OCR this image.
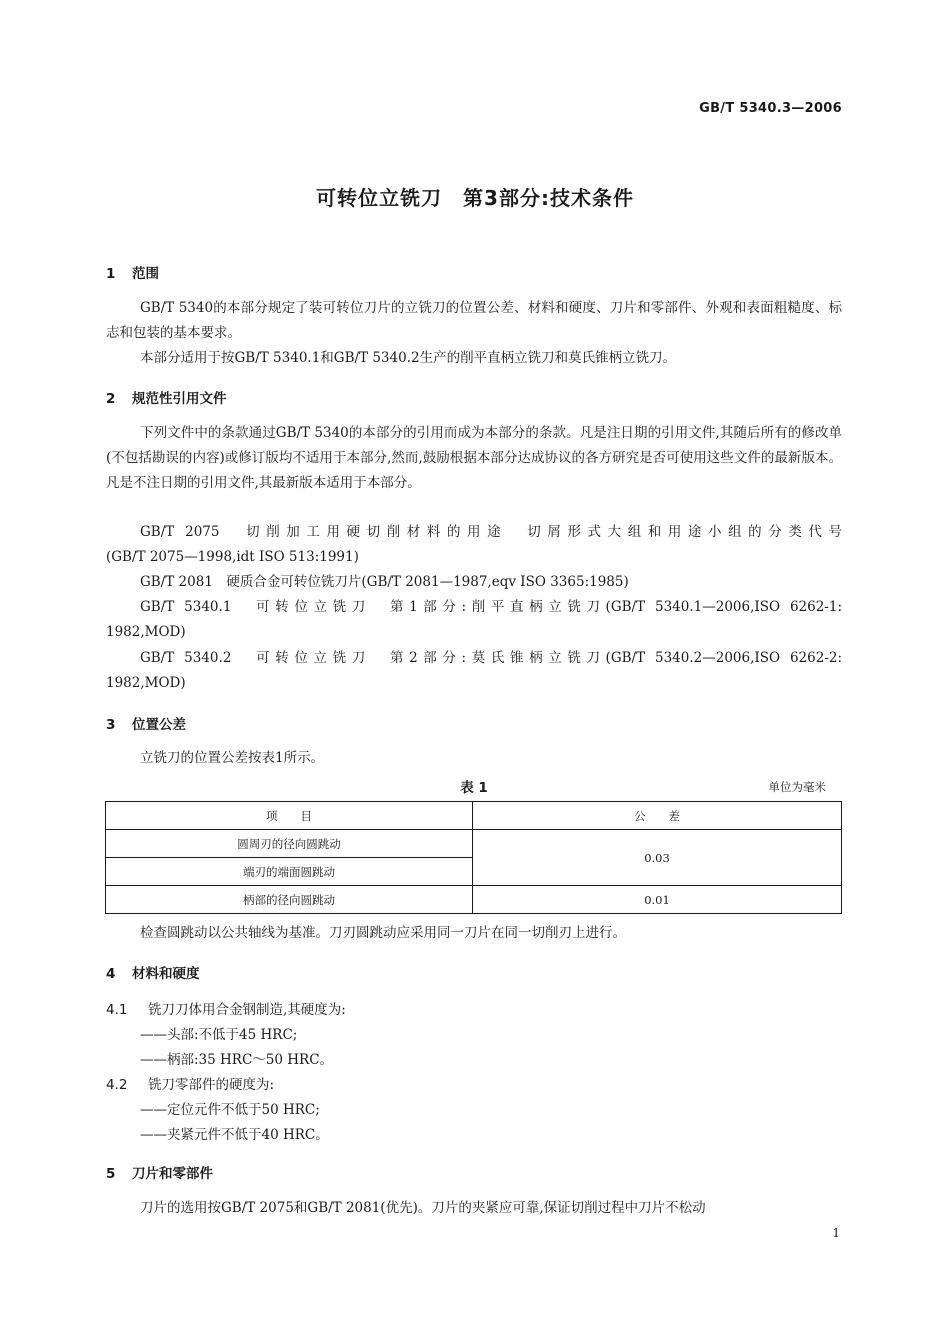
GB/T 5340.3—2006
可转位立铣刀　第3部分:技术条件
1 范围
GB/T 5340的本部分规定了装可转位刀片的立铣刀的位置公差、材料和硬度、刀片和零部件、外观和表面粗糙度、标志和包装的基本要求。
本部分适用于按GB/T 5340.1和GB/T 5340.2生产的削平直柄立铣刀和莫氏锥柄立铣刀。
2 规范性引用文件
下列文件中的条款通过GB/T 5340的本部分的引用而成为本部分的条款。凡是注日期的引用文件,其随后所有的修改单(不包括勘误的内容)或修订版均不适用于本部分,然而,鼓励根据本部分达成协议的各方研究是否可使用这些文件的最新版本。凡是不注日期的引用文件,其最新版本适用于本部分。
GB/T 2075　切削加工用硬切削材料的用途　切屑形式大组和用途小组的分类代号
(GB/T 2075—1998,idt ISO 513:1991)
GB/T 2081　硬质合金可转位铣刀片(GB/T 2081—1987,eqv ISO 3365:1985)
GB/T 5340.1　可转位立铣刀　第1部分:削平直柄立铣刀(GB/T 5340.1—2006,ISO 6262-1:
1982,MOD)
GB/T 5340.2　可转位立铣刀　第2部分:莫氏锥柄立铣刀(GB/T 5340.2—2006,ISO 6262-2:
1982,MOD)
3 位置公差
立铣刀的位置公差按表1所示。
表 1	单位为毫米
项　　目	公　　差
圆周刃的径向圆跳动	0.03
端刃的端面圆跳动	
柄部的径向圆跳动	0.01
检查圆跳动以公共轴线为基准。刀刃圆跳动应采用同一刀片在同一切削刃上进行。
4 材料和硬度
4.1 铣刀刀体用合金钢制造,其硬度为:
——头部:不低于45 HRC;
——柄部:35 HRC～50 HRC。
4.2 铣刀零部件的硬度为:
——定位元件不低于50 HRC;
——夹紧元件不低于40 HRC。
5 刀片和零部件
刀片的选用按GB/T 2075和GB/T 2081(优先)。刀片的夹紧应可靠,保证切削过程中刀片不松动
1
